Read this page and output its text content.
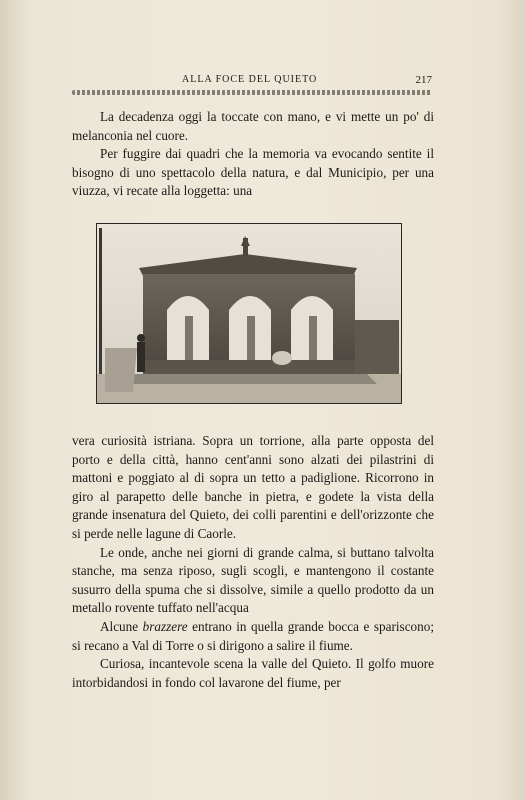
ALLA FOCE DEL QUIETO	217

La decadenza oggi la toccate con mano, e vi mette un po' di melanconia nel cuore.

Per fuggire dai quadri che la memoria va evocando sentite il bisogno di uno spettacolo della natura, e dal Municipio, per una viuzza, vi recate alla loggetta: una

vera curiosità istriana. Sopra un torrione, alla parte opposta del porto e della città, hanno cent'anni sono alzati dei pilastrini di mattoni e poggiato al di sopra un tetto a padiglione. Ricorrono in giro al parapetto delle banche in pietra, e godete la vista della grande insenatura del Quieto, dei colli parentini e dell'orizzonte che si perde nelle lagune di Caorle.

Le onde, anche nei giorni di grande calma, si buttano talvolta stanche, ma senza riposo, sugli scogli, e mantengono il costante susurro della spuma che si dissolve, simile a quello prodotto da un metallo rovente tuffato nell'acqua

Alcune brazzere entrano in quella grande bocca e spariscono; si recano a Val di Torre o si dirigono a salire il fiume.

Curiosa, incantevole scena la valle del Quieto. Il golfo muore intorbidandosi in fondo col lavarone del fiume, per
